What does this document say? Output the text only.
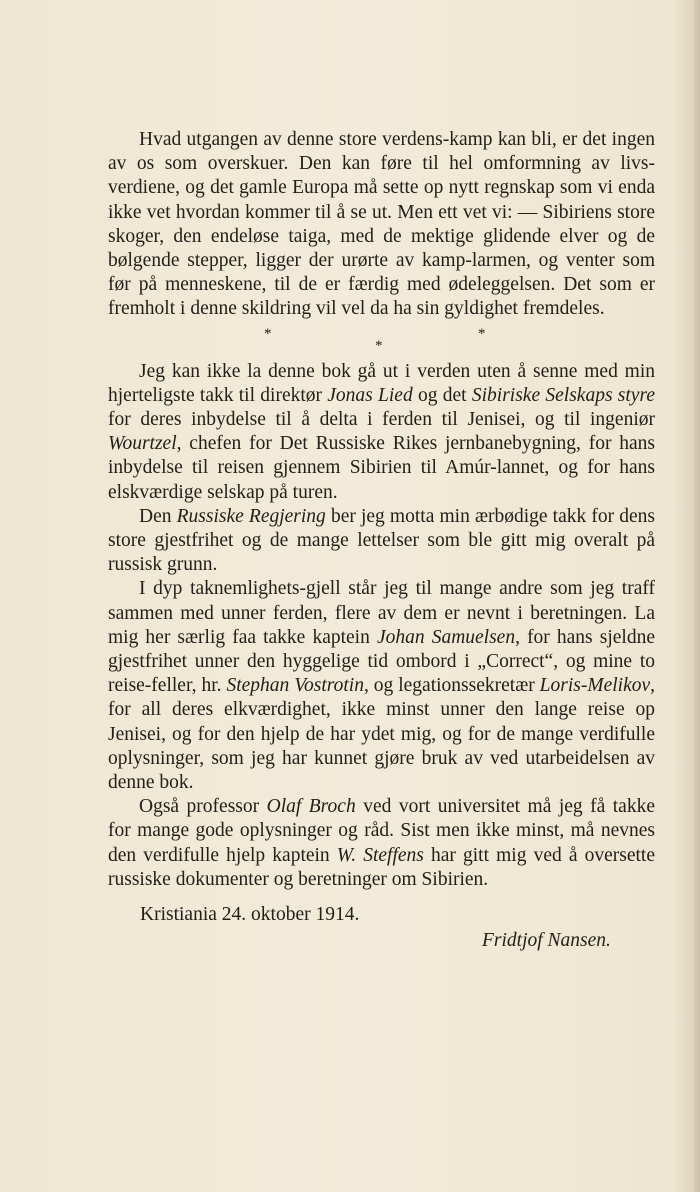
Hvad utgangen av denne store verdens-kamp kan bli, er det ingen av os som overskuer. Den kan føre til hel omformning av livs-verdiene, og det gamle Europa må sette op nytt regnskap som vi enda ikke vet hvordan kommer til å se ut. Men ett vet vi: — Sibiriens store skoger, den endeløse taiga, med de mektige glidende elver og de bølgende stepper, ligger der urørte av kamp-larmen, og venter som før på menneskene, til de er færdig med ødeleggelsen. Det som er fremholt i denne skildring vil vel da ha sin gyldighet fremdeles.

*
*
*

Jeg kan ikke la denne bok gå ut i verden uten å senne med min hjerteligste takk til direktør Jonas Lied og det Sibiriske Selskaps styre for deres inbydelse til å delta i ferden til Jenisei, og til ingeniør Wourtzel, chefen for Det Russiske Rikes jernbanebygning, for hans inbydelse til reisen gjennem Sibirien til Amúr-lannet, og for hans elskværdige selskap på turen.

Den Russiske Regjering ber jeg motta min ærbødige takk for dens store gjestfrihet og de mange lettelser som ble gitt mig overalt på russisk grunn.

I dyp taknemlighets-gjell står jeg til mange andre som jeg traff sammen med unner ferden, flere av dem er nevnt i beretningen. La mig her særlig faa takke kaptein Johan Samuelsen, for hans sjeldne gjestfrihet unner den hyggelige tid ombord i „Correct“, og mine to reise-feller, hr. Stephan Vostrotin, og legationssekretær Loris-Melikov, for all deres elkværdighet, ikke minst unner den lange reise op Jenisei, og for den hjelp de har ydet mig, og for de mange verdifulle oplysninger, som jeg har kunnet gjøre bruk av ved utarbeidelsen av denne bok.

Også professor Olaf Broch ved vort universitet må jeg få takke for mange gode oplysninger og råd. Sist men ikke minst, må nevnes den verdifulle hjelp kaptein W. Steffens har gitt mig ved å oversette russiske dokumenter og beretninger om Sibirien.

Kristiania 24. oktober 1914.
Fridtjof Nansen.
